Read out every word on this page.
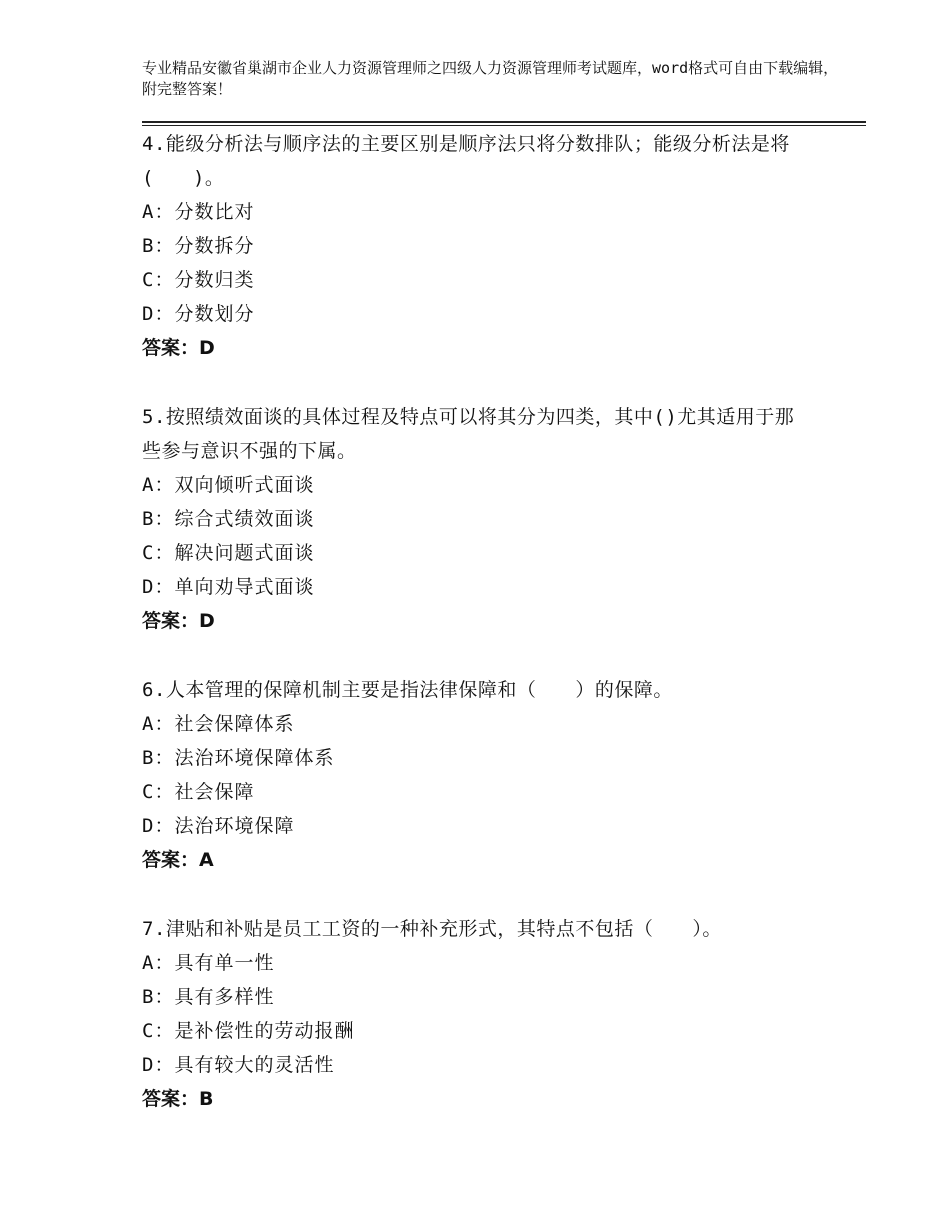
专业精品安徽省巢湖市企业人力资源管理师之四级人力资源管理师考试题库，word格式可自由下载编辑，附完整答案！

4.能级分析法与顺序法的主要区别是顺序法只将分数排队；能级分析法是将(　　)。

A：分数比对

B：分数拆分

C：分数归类

D：分数划分

答案：D

5.按照绩效面谈的具体过程及特点可以将其分为四类，其中()尤其适用于那些参与意识不强的下属。

A：双向倾听式面谈

B：综合式绩效面谈

C：解决问题式面谈

D：单向劝导式面谈

答案：D

6.人本管理的保障机制主要是指法律保障和（　　）的保障。

A：社会保障体系

B：法治环境保障体系

C：社会保障

D：法治环境保障

答案：A

7.津贴和补贴是员工工资的一种补充形式，其特点不包括（　　）。

A：具有单一性

B：具有多样性

C：是补偿性的劳动报酬

D：具有较大的灵活性

答案：B
